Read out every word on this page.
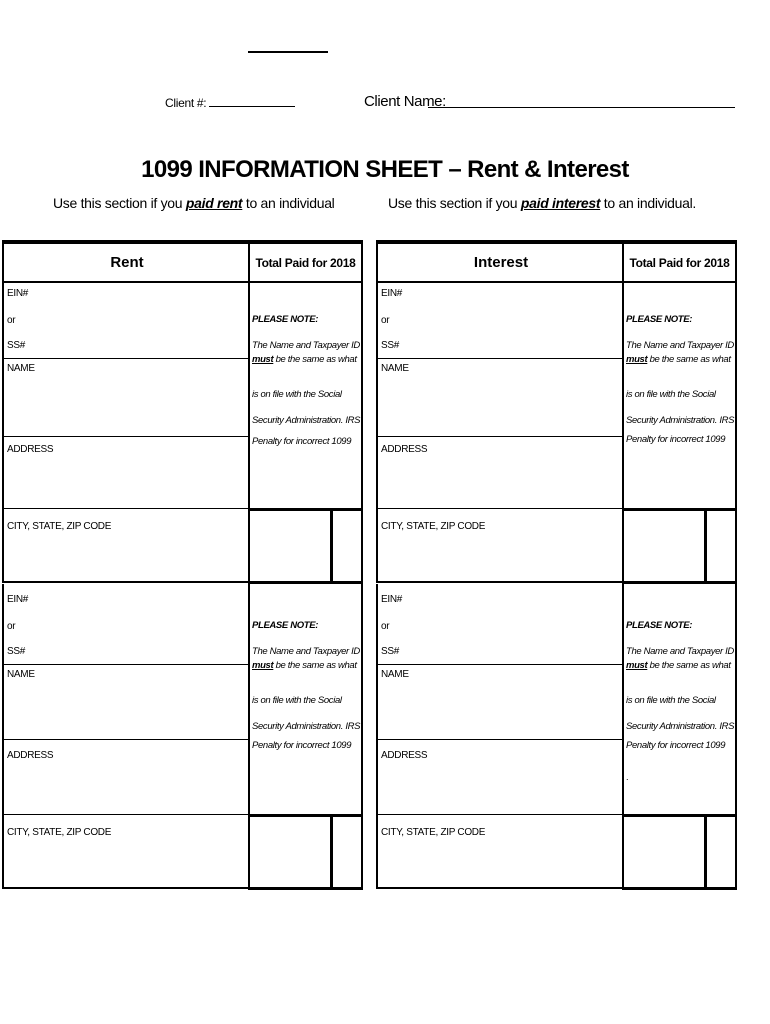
Client #:	Client Name:
1099 INFORMATION SHEET – Rent & Interest
Use this section if you paid rent to an individual	Use this section if you paid interest to an individual.
Rent	Total Paid for 2018
EIN#
or
SS#
NAME
ADDRESS
CITY, STATE, ZIP CODE
PLEASE NOTE:
The Name and Taxpayer ID
must be the same as what
is on file with the Social
Security Administration. IRS
Penalty for incorrect 1099
EIN#
or
SS#
NAME
ADDRESS
CITY, STATE, ZIP CODE
PLEASE NOTE:
The Name and Taxpayer ID
must be the same as what
is on file with the Social
Security Administration. IRS
Penalty for incorrect 1099
Interest	Total Paid for 2018
EIN#
or
SS#
NAME
ADDRESS
CITY, STATE, ZIP CODE
PLEASE NOTE:
The Name and Taxpayer ID
must be the same as what
is on file with the Social
Security Administration. IRS
Penalty for incorrect 1099
EIN#
or
SS#
NAME
ADDRESS
CITY, STATE, ZIP CODE
PLEASE NOTE:
The Name and Taxpayer ID
must be the same as what
is on file with the Social
Security Administration. IRS
Penalty for incorrect 1099
.
